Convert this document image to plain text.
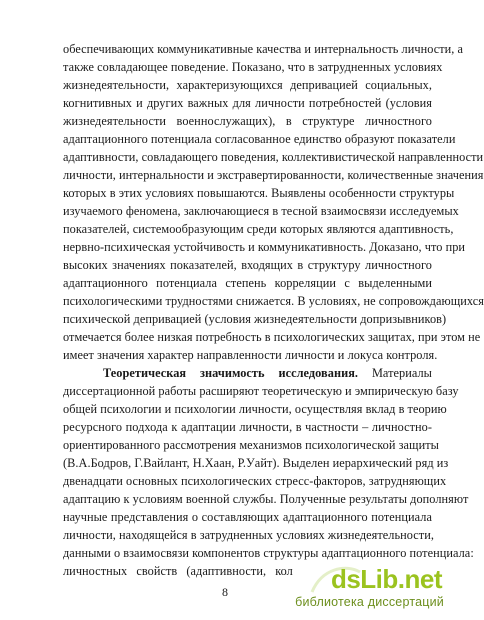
обеспечивающих коммуникативные качества и интернальность личности, а
также совладающее поведение. Показано, что в затрудненных условиях
жизнедеятельности, характеризующихся депривацией социальных,
когнитивных и других важных для личности потребностей (условия
жизнедеятельности военнослужащих), в структуре личностного
адаптационного потенциала согласованное единство образуют показатели
адаптивности, совладающего поведения, коллективистической направленности
личности, интернальности и экстравертированности, количественные значения
которых в этих условиях повышаются. Выявлены особенности структуры
изучаемого феномена, заключающиеся в тесной взаимосвязи исследуемых
показателей, системообразующим среди которых являются адаптивность,
нервно-психическая устойчивость и коммуникативность. Доказано, что при
высоких значениях показателей, входящих в структуру личностного
адаптационного потенциала степень корреляции с выделенными
психологическими трудностями снижается. В условиях, не сопровождающихся
психической депривацией (условия жизнедеятельности допризывников)
отмечается более низкая потребность в психологических защитах, при этом не
имеет значения характер направленности личности и локуса контроля.
Теоретическая значимость исследования. Материалы
диссертационной работы расширяют теоретическую и эмпирическую базу
общей психологии и психологии личности, осуществляя вклад в теорию
ресурсного подхода к адаптации личности, в частности – личностно-
ориентированного рассмотрения механизмов психологической защиты
(В.А.Бодров, Г.Вайлант, Н.Хаан, Р.Уайт). Выделен иерархический ряд из
двенадцати основных психологических стресс-факторов, затрудняющих
адаптацию к условиям военной службы. Полученные результаты дополняют
научные представления о составляющих адаптационного потенциала
личности, находящейся в затрудненных условиях жизнедеятельности,
данными о взаимосвязи компонентов структуры адаптационного потенциала:
личностных свойств (адаптивности, кол
8	dsLib.net
библиотека диссертаций
